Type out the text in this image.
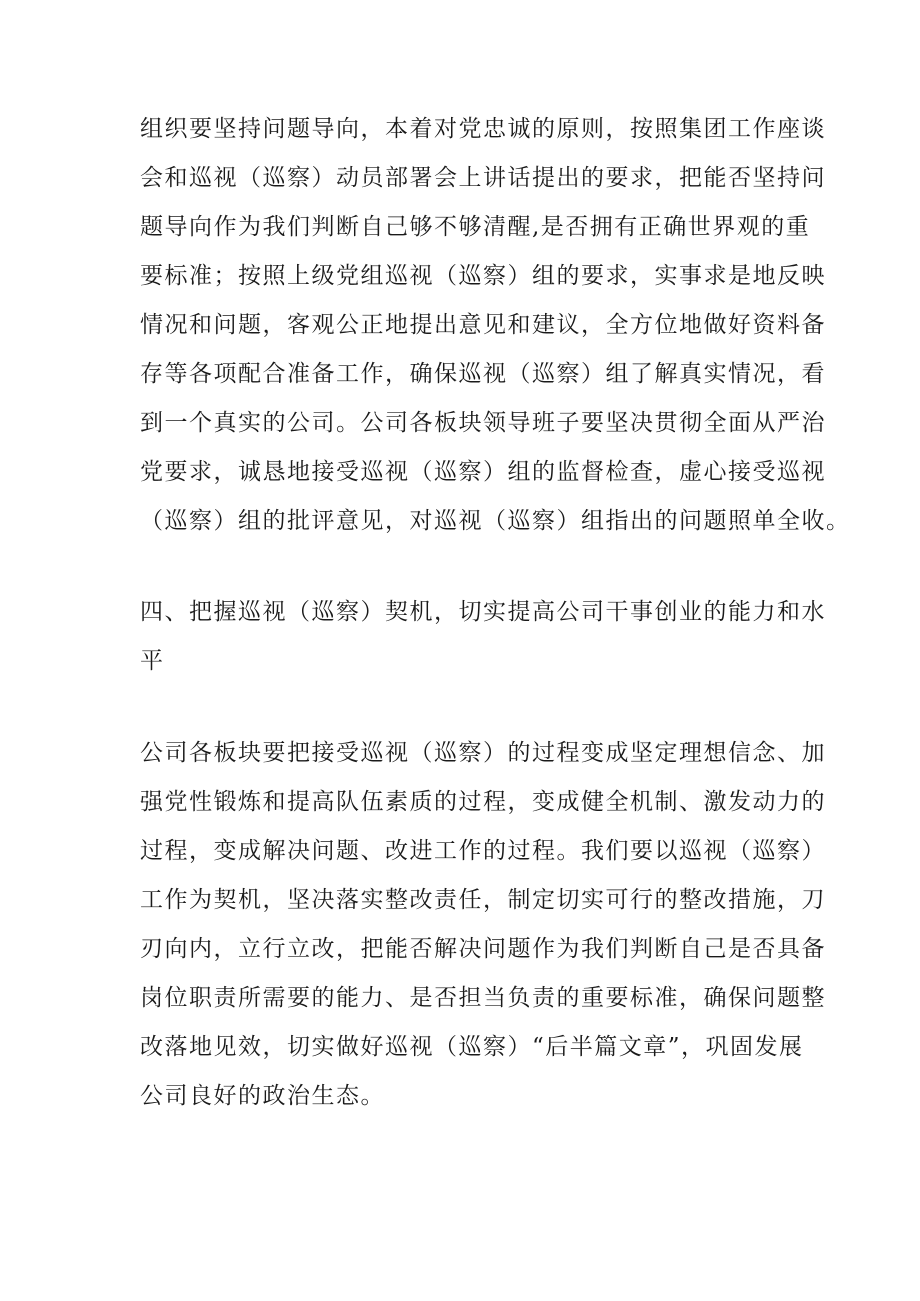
组织要坚持问题导向，本着对党忠诚的原则，按照集团工作座谈
会和巡视（巡察）动员部署会上讲话提出的要求，把能否坚持问
题导向作为我们判断自己够不够清醒,是否拥有正确世界观的重
要标准；按照上级党组巡视（巡察）组的要求，实事求是地反映
情况和问题，客观公正地提出意见和建议，全方位地做好资料备
存等各项配合准备工作，确保巡视（巡察）组了解真实情况，看
到一个真实的公司。公司各板块领导班子要坚决贯彻全面从严治
党要求，诚恳地接受巡视（巡察）组的监督检查，虚心接受巡视
（巡察）组的批评意见，对巡视（巡察）组指出的问题照单全收。
四、把握巡视（巡察）契机，切实提高公司干事创业的能力和水
平
公司各板块要把接受巡视（巡察）的过程变成坚定理想信念、加
强党性锻炼和提高队伍素质的过程，变成健全机制、激发动力的
过程，变成解决问题、改进工作的过程。我们要以巡视（巡察）
工作为契机，坚决落实整改责任，制定切实可行的整改措施，刀
刃向内，立行立改，把能否解决问题作为我们判断自己是否具备
岗位职责所需要的能力、是否担当负责的重要标准，确保问题整
改落地见效，切实做好巡视（巡察）“后半篇文章”，巩固发展
公司良好的政治生态。
